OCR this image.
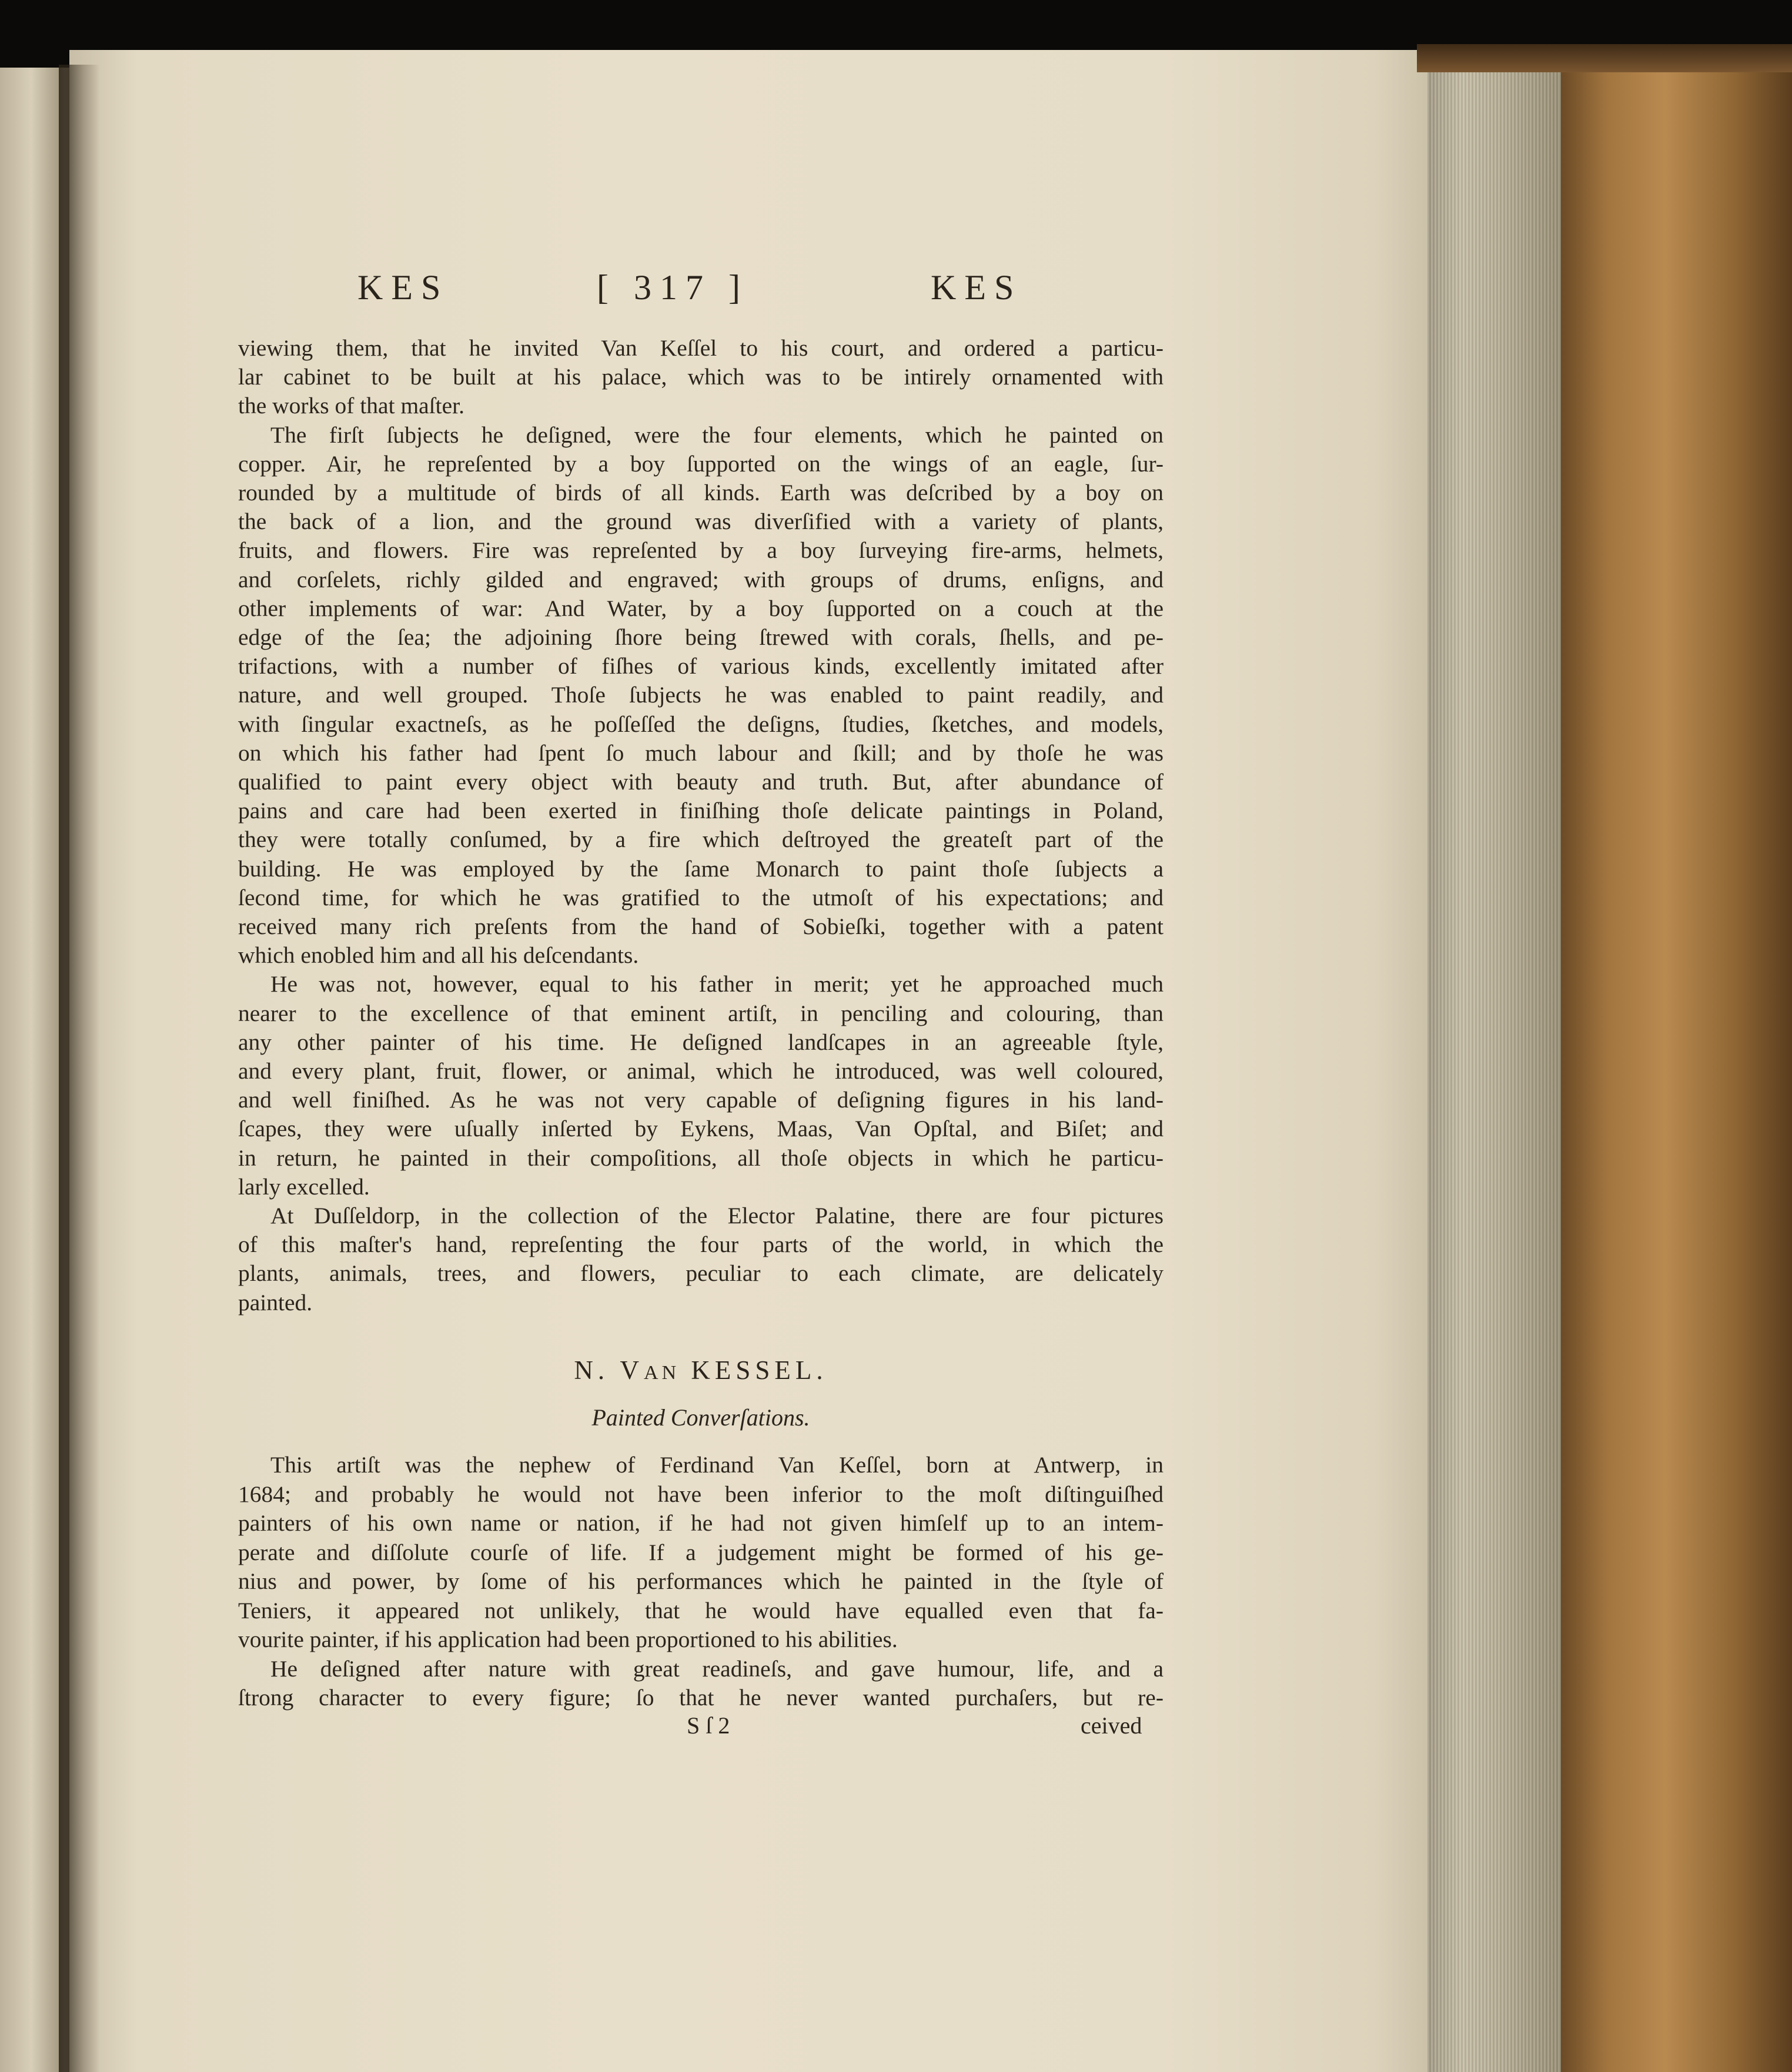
KES	[ 317 ]	KES
viewing them, that he invited Van Keſſel to his court, and ordered a particu-
lar cabinet to be built at his palace, which was to be intirely ornamented with
the works of that maſter.
The firſt ſubjects he deſigned, were the four elements, which he painted on
copper. Air, he repreſented by a boy ſupported on the wings of an eagle, ſur-
rounded by a multitude of birds of all kinds. Earth was deſcribed by a boy on
the back of a lion, and the ground was diverſified with a variety of plants,
fruits, and flowers. Fire was repreſented by a boy ſurveying fire-arms, helmets,
and corſelets, richly gilded and engraved; with groups of drums, enſigns, and
other implements of war: And Water, by a boy ſupported on a couch at the
edge of the ſea; the adjoining ſhore being ſtrewed with corals, ſhells, and pe-
trifactions, with a number of fiſhes of various kinds, excellently imitated after
nature, and well grouped. Thoſe ſubjects he was enabled to paint readily, and
with ſingular exactneſs, as he poſſeſſed the deſigns, ſtudies, ſketches, and models,
on which his father had ſpent ſo much labour and ſkill; and by thoſe he was
qualified to paint every object with beauty and truth. But, after abundance of
pains and care had been exerted in finiſhing thoſe delicate paintings in Poland,
they were totally conſumed, by a fire which deſtroyed the greateſt part of the
building. He was employed by the ſame Monarch to paint thoſe ſubjects a
ſecond time, for which he was gratified to the utmoſt of his expectations; and
received many rich preſents from the hand of Sobieſki, together with a patent
which enobled him and all his deſcendants.
He was not, however, equal to his father in merit; yet he approached much
nearer to the excellence of that eminent artiſt, in penciling and colouring, than
any other painter of his time. He deſigned landſcapes in an agreeable ſtyle,
and every plant, fruit, flower, or animal, which he introduced, was well coloured,
and well finiſhed. As he was not very capable of deſigning figures in his land-
ſcapes, they were uſually inſerted by Eykens, Maas, Van Opſtal, and Biſet; and
in return, he painted in their compoſitions, all thoſe objects in which he particu-
larly excelled.
At Duſſeldorp, in the collection of the Elector Palatine, there are four pictures
of this maſter's hand, repreſenting the four parts of the world, in which the
plants, animals, trees, and flowers, peculiar to each climate, are delicately
painted.
N. VAN KESSEL.
Painted Converſations.
This artiſt was the nephew of Ferdinand Van Keſſel, born at Antwerp, in
1684; and probably he would not have been inferior to the moſt diſtinguiſhed
painters of his own name or nation, if he had not given himſelf up to an intem-
perate and diſſolute courſe of life. If a judgement might be formed of his ge-
nius and power, by ſome of his performances which he painted in the ſtyle of
Teniers, it appeared not unlikely, that he would have equalled even that fa-
vourite painter, if his application had been proportioned to his abilities.
He deſigned after nature with great readineſs, and gave humour, life, and a
ſtrong character to every figure; ſo that he never wanted purchaſers, but re-
S ſ 2	ceived
